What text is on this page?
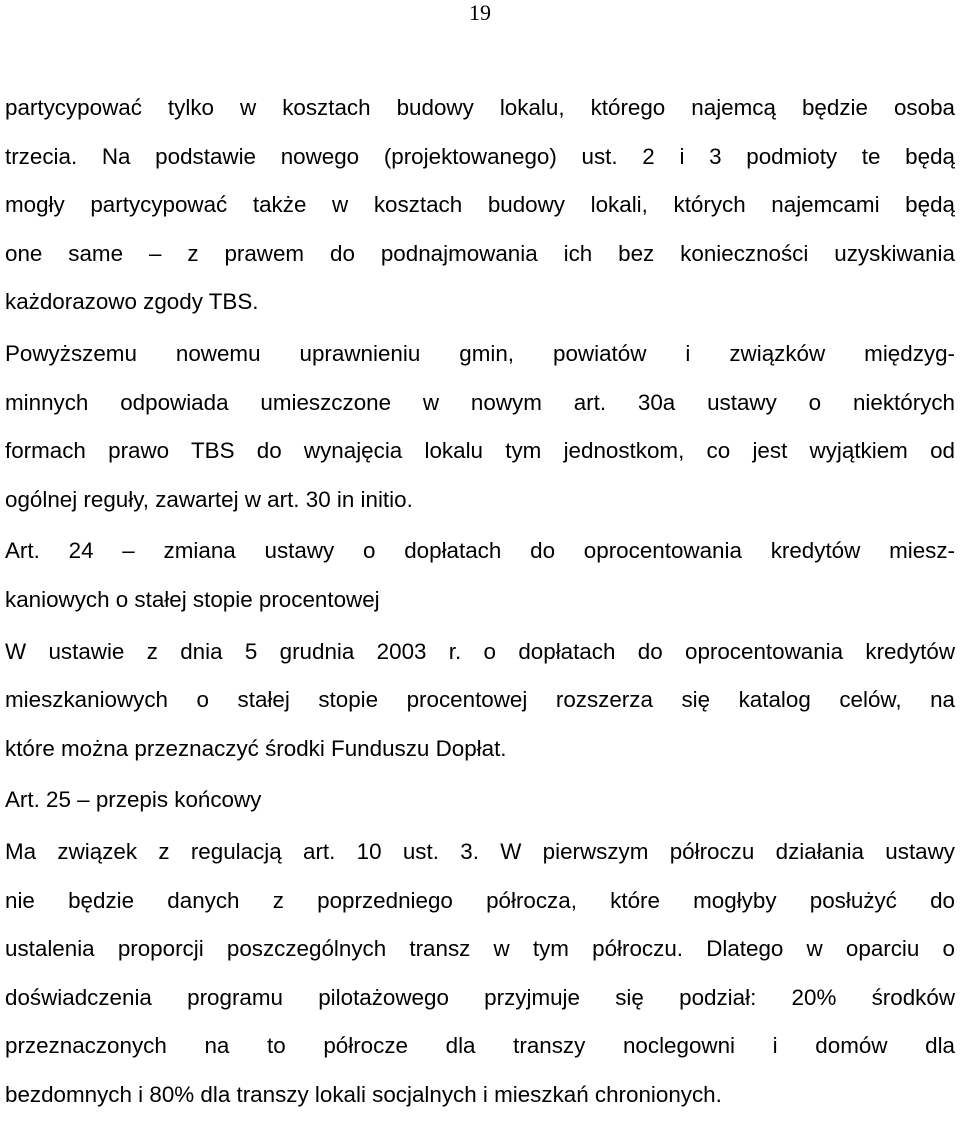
19
partycypować tylko w kosztach budowy lokalu, którego najemcą będzie osoba
trzecia. Na podstawie nowego (projektowanego) ust. 2 i 3 podmioty te będą
mogły partycypować także w kosztach budowy lokali, których najemcami będą
one same – z prawem do podnajmowania ich bez konieczności uzyskiwania
każdorazowo zgody TBS.
Powyższemu nowemu uprawnieniu gmin, powiatów i związków międzyg-
minnych odpowiada umieszczone w nowym art. 30a ustawy o niektórych
formach prawo TBS do wynajęcia lokalu tym jednostkom, co jest wyjątkiem od
ogólnej reguły, zawartej w art. 30 in initio.
Art. 24 – zmiana ustawy o dopłatach do oprocentowania kredytów miesz-
kaniowych o stałej stopie procentowej
W ustawie z dnia 5 grudnia 2003 r. o dopłatach do oprocentowania kredytów
mieszkaniowych o stałej stopie procentowej rozszerza się katalog celów, na
które można przeznaczyć środki Funduszu Dopłat.
Art. 25 – przepis końcowy
Ma związek z regulacją art. 10 ust. 3. W pierwszym półroczu działania ustawy
nie będzie danych z poprzedniego półrocza, które mogłyby posłużyć do
ustalenia proporcji poszczególnych transz w tym półroczu. Dlatego w oparciu o
doświadczenia programu pilotażowego przyjmuje się podział: 20% środków
przeznaczonych na to półrocze dla transzy noclegowni i domów dla
bezdomnych i 80% dla transzy lokali socjalnych i mieszkań chronionych.
